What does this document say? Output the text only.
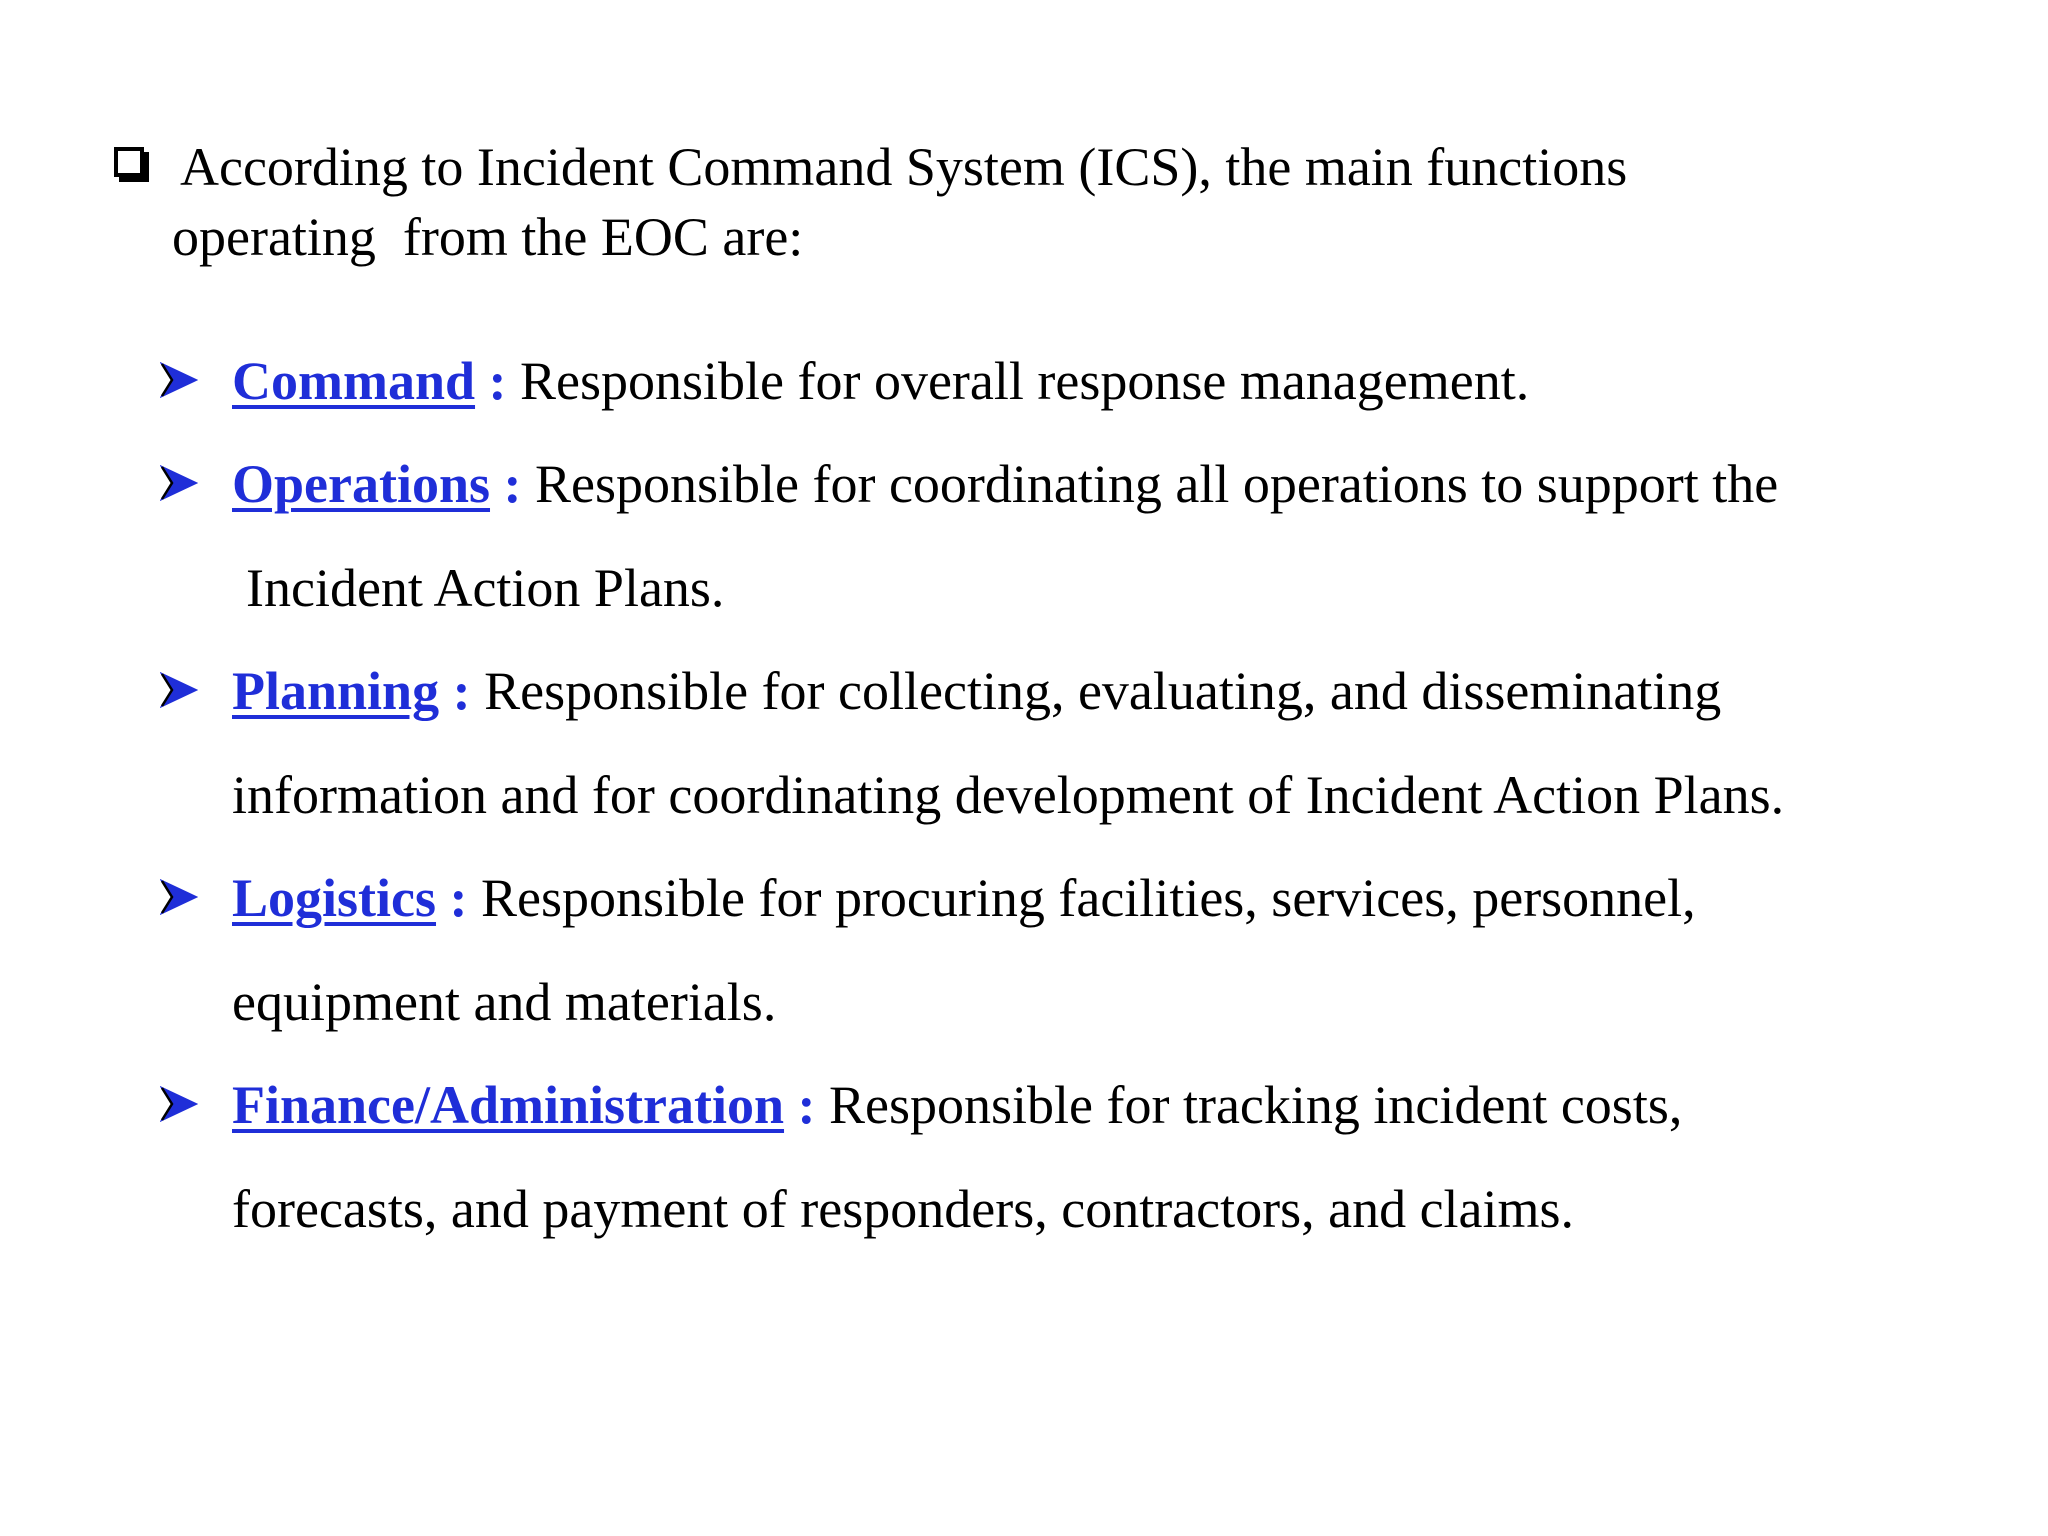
According to Incident Command System (ICS), the main functions
operating  from the EOC are:
Command : Responsible for overall response management.
Operations : Responsible for coordinating all operations to support the
Incident Action Plans.
Planning : Responsible for collecting, evaluating, and disseminating
information and for coordinating development of Incident Action Plans.
Logistics : Responsible for procuring facilities, services, personnel,
equipment and materials.
Finance/Administration : Responsible for tracking incident costs,
forecasts, and payment of responders, contractors, and claims.
